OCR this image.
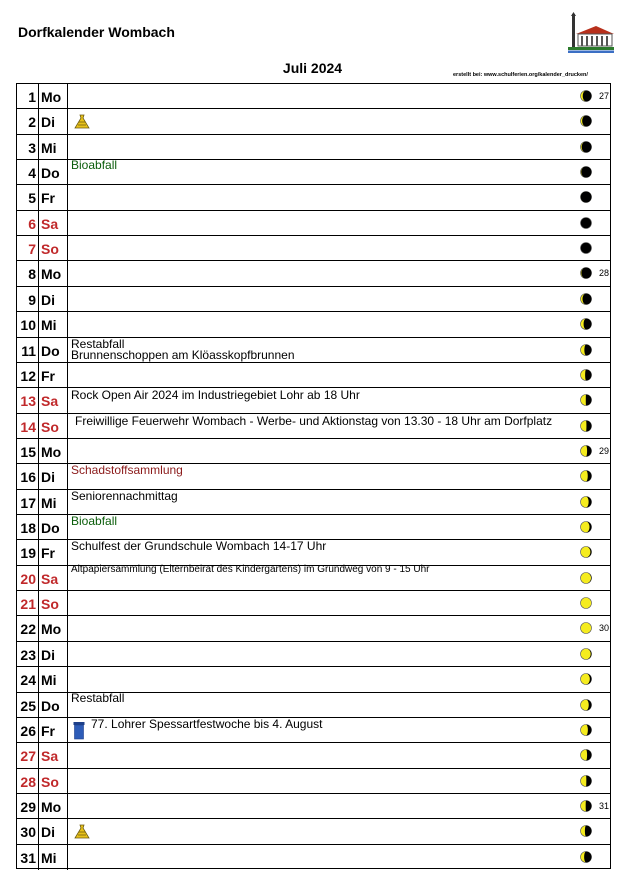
Dorfkalender Wombach
Juli 2024	erstellt bei: www.schulferien.org/kalender_drucken/
1 Mo	27
2 Di
3 Mi
4 Do Bioabfall
5 Fr
6 Sa
7 So
8 Mo	28
9 Di
10 Mi
11 Do Restabfall
Brunnenschoppen am Klöasskopfbrunnen
12 Fr
13 Sa Rock Open Air 2024 im Industriegebiet Lohr ab 18 Uhr
14 So Freiwillige Feuerwehr Wombach - Werbe- und Aktionstag von 13.30 - 18 Uhr am Dorfplatz
15 Mo	29
16 Di Schadstoffsammlung
17 Mi Seniorennachmittag
18 Do Bioabfall
19 Fr Schulfest der Grundschule Wombach 14-17 Uhr
20 Sa
Altpapiersammlung (Elternbeirat des Kindergartens) im Grundweg von 9 - 15 Uhr
21 So
22 Mo	30
23 Di
24 Mi
25 Do Restabfall
26 Fr	77. Lohrer Spessartfestwoche bis 4. August
27 Sa
28 So
29 Mo	31
30 Di
31 Mi
